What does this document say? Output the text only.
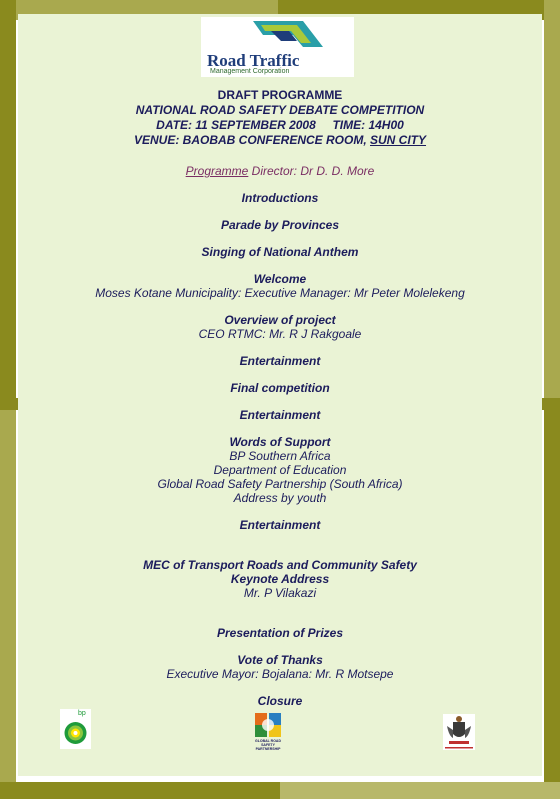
Road Traffic
Management Corporation
DRAFT PROGRAMME
NATIONAL ROAD SAFETY DEBATE COMPETITION
DATE: 11 SEPTEMBER 2008 TIME: 14H00
VENUE: BAOBAB CONFERENCE ROOM, SUN CITY
Programme Director: Dr D. D. More
Introductions
Parade by Provinces
Singing of National Anthem
Welcome
Moses Kotane Municipality: Executive Manager: Mr Peter Molelekeng
Overview of project
CEO RTMC: Mr. R J Rakgoale
Entertainment
Final competition
Entertainment
Words of Support
BP Southern Africa
Department of Education
Global Road Safety Partnership (South Africa)
Address by youth
Entertainment
MEC of Transport Roads and Community Safety
Keynote Address
Mr. P Vilakazi
Presentation of Prizes
Vote of Thanks
Executive Mayor: Bojalana: Mr. R Motsepe
Closure
bp
GLOBAL ROAD SAFETY PARTNERSHIP
